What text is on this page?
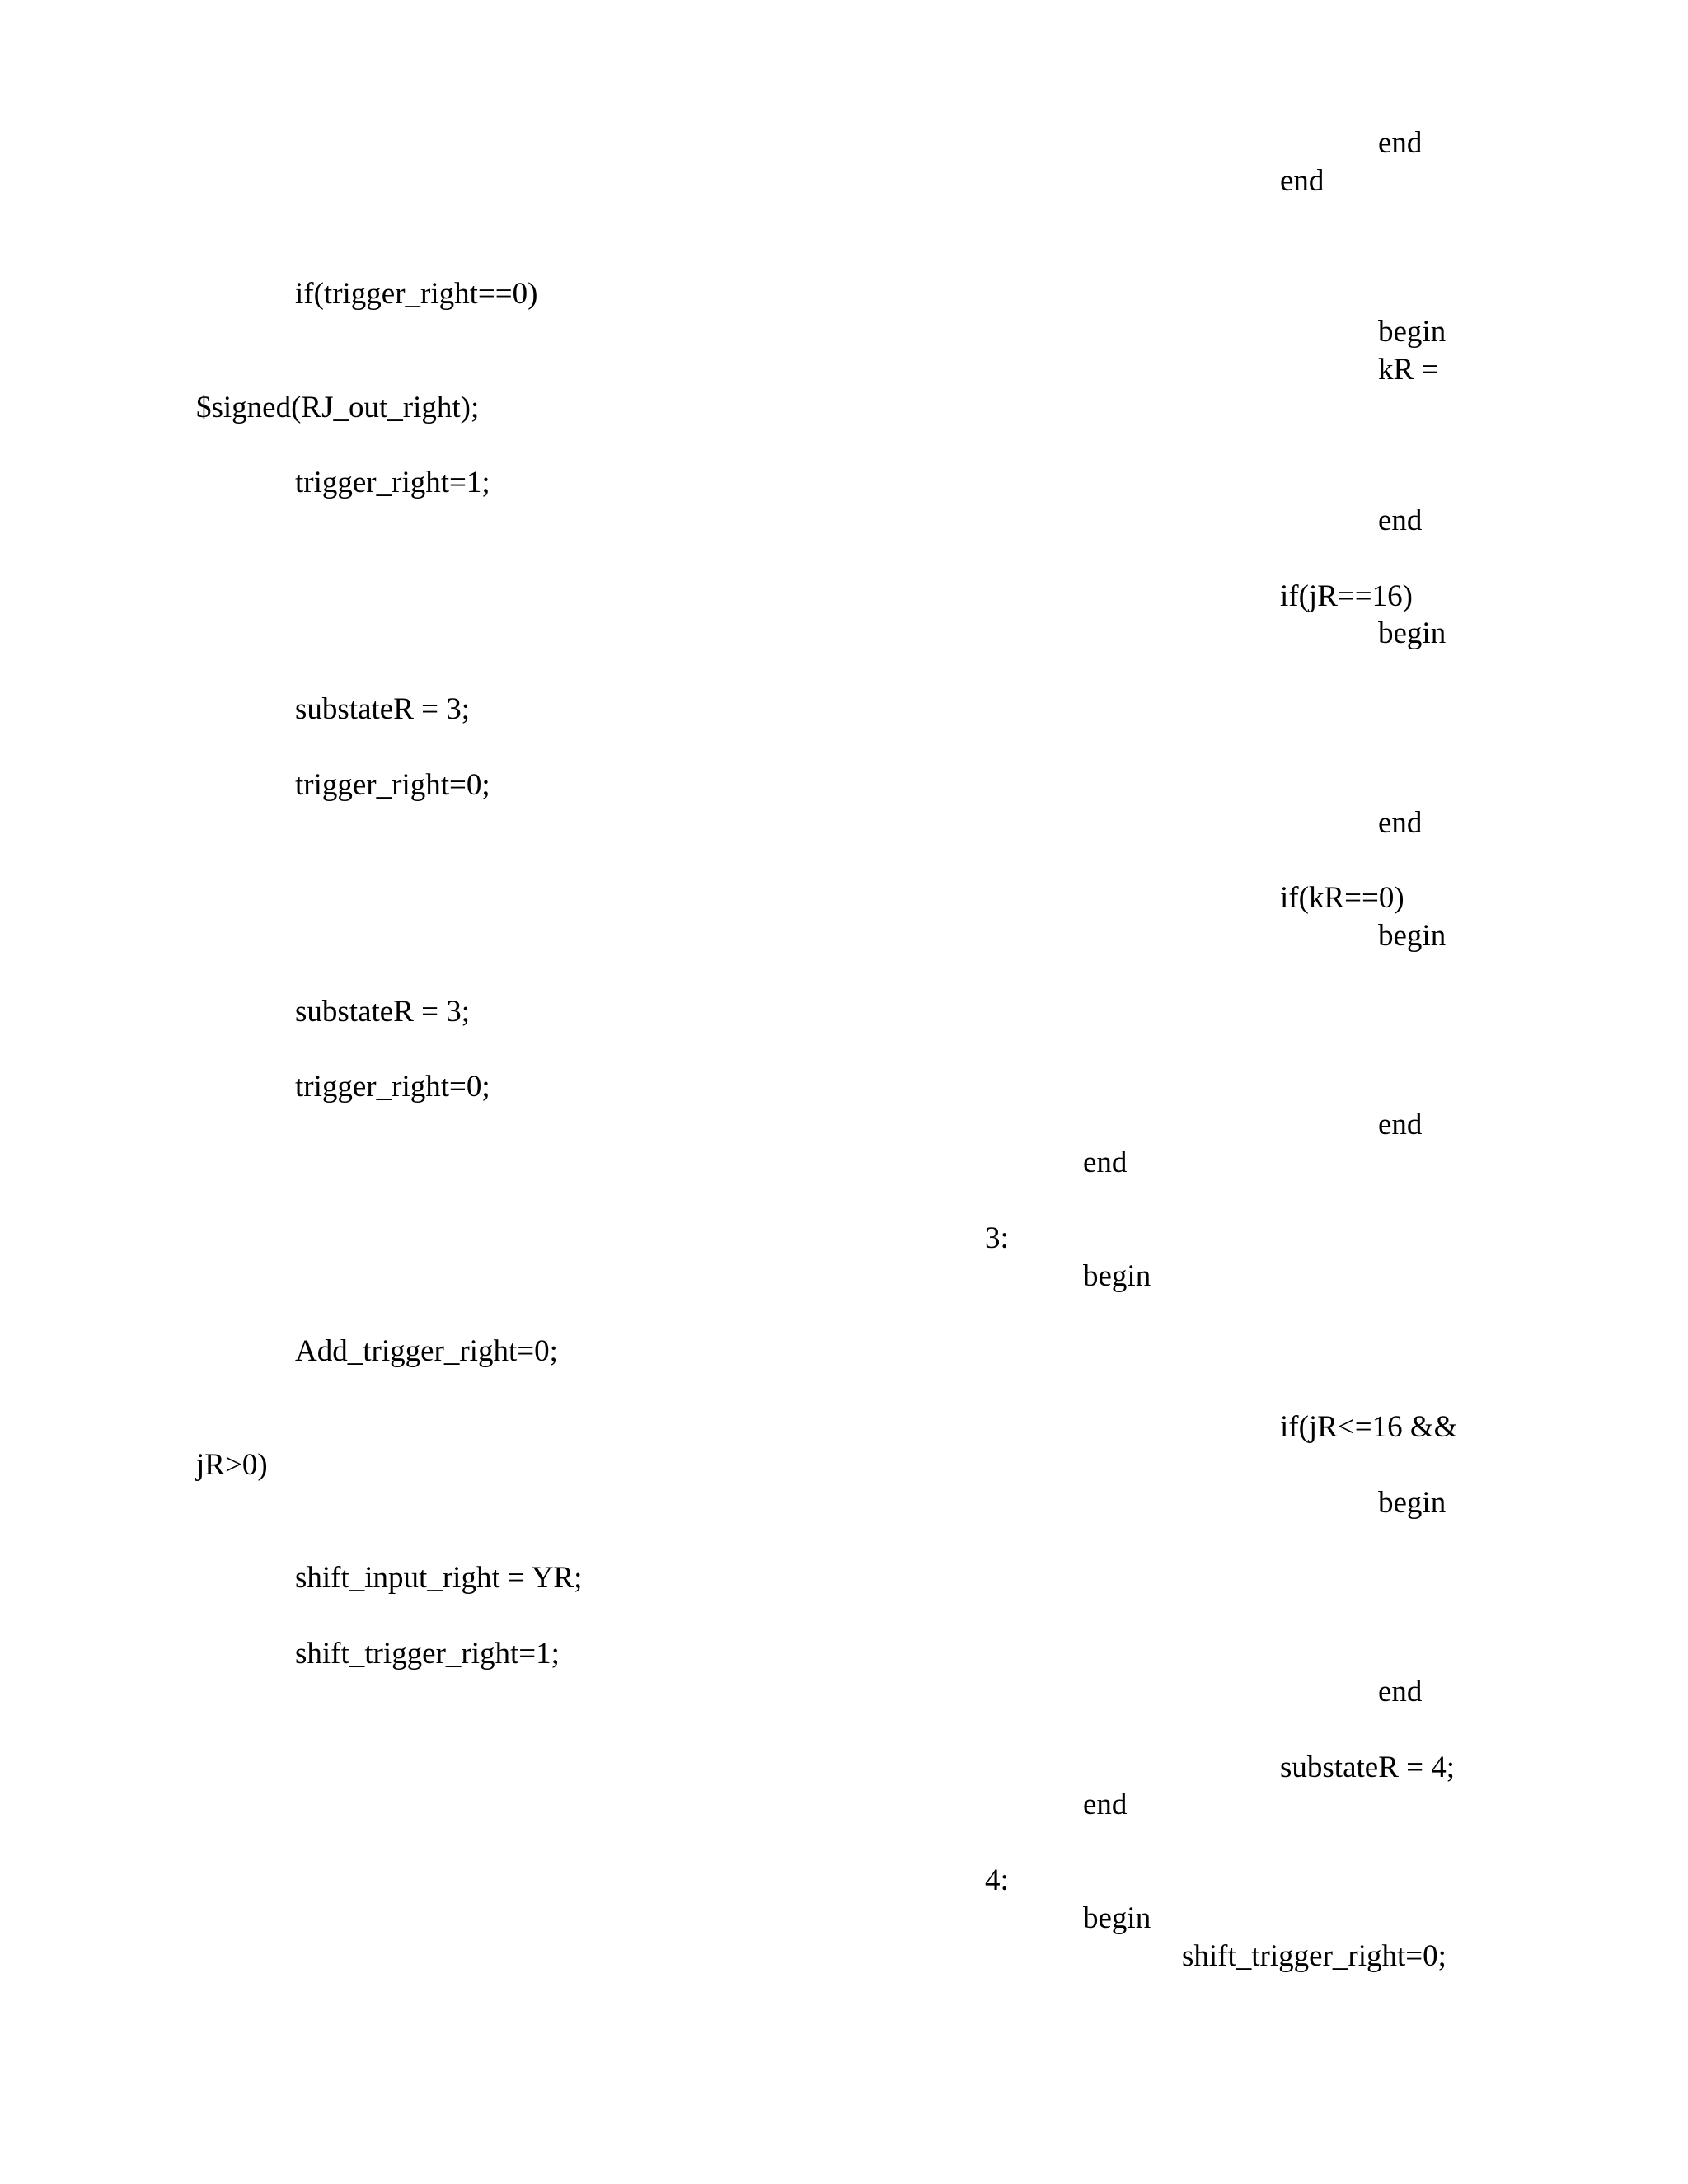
end
end
if(trigger_right==0)
begin
kR =
$signed(RJ_out_right);
trigger_right=1;
end
if(jR==16)
begin
substateR = 3;
trigger_right=0;
end
if(kR==0)
begin
substateR = 3;
trigger_right=0;
end
end
3:
begin
Add_trigger_right=0;
if(jR<=16 &&
jR>0)
begin
shift_input_right = YR;
shift_trigger_right=1;
end
substateR = 4;
end
4:
begin
shift_trigger_right=0;
